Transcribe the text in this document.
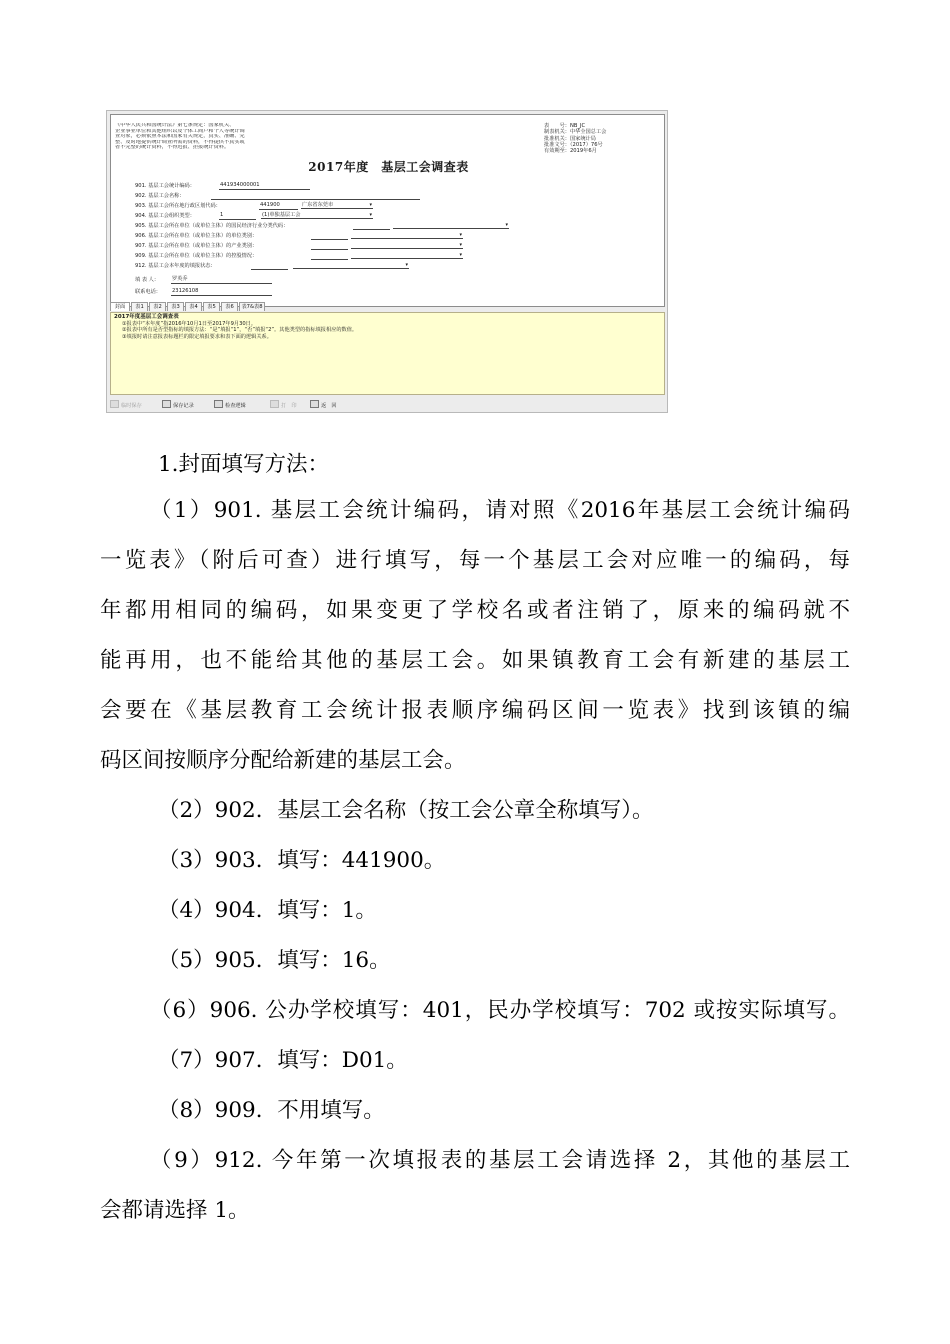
《中华人民共和国统计法》第七条规定：国家机关、
企业事业单位和其他组织以及个体工商户和个人等统计调
查对象，必须依照本法和国家有关规定，真实、准确、完
整、及时地提供统计调查所需的资料，不得提供不真实或
者不完整的统计资料，不得迟报、拒报统计资料。
表　　号：NB_JC
制表机关：中华全国总工会
批准机关：国家统计局
批准文号：（2017）76号
有效期至：2019年6月
2017年度　基层工会调查表
901. 基层工会统计编码：	441934000001
902. 基层工会名称：
903. 基层工会所在地行政区划代码：	441900	广东省东莞市	▾
904. 基层工会组织类型：	1	(1)单独基层工会	▾
905. 基层工会所在单位（或单位主体）的国民经济行业分类代码：	▾
906. 基层工会所在单位（或单位主体）的单位类别：	▾
907. 基层工会所在单位（或单位主体）的产业类别：	▾
909. 基层工会所在单位（或单位主体）的控股情况：	▾
912. 基层工会本年度的填报状态：	▾
填 表 人： 罗英乔
联系电话： 23126108
封面	表1	表2	表3	表4	表5	表6	表7&表8
2017年度基层工会调查表
①报表中“本年度”指2016年10月1日至2017年9月30日。
②报表中所有是否型指标的填报方法：“是”填报“1”，“否”填报“2”。其他类型的指标填报相应的数值。
③填报时请注意报表标题栏的限定填报要求和表下面的逻辑关系。
临时保存	保存记录	检查逻辑	打　印	返　回
1.封面填写方法：
（1）901. 基层工会统计编码，请对照《2016年基层工会统计编码
一览表》（附后可查）进行填写，每一个基层工会对应唯一的编码，每
年都用相同的编码，如果变更了学校名或者注销了，原来的编码就不
能再用，也不能给其他的基层工会。如果镇教育工会有新建的基层工
会要在《基层教育工会统计报表顺序编码区间一览表》找到该镇的编
码区间按顺序分配给新建的基层工会。
（2）902．基层工会名称（按工会公章全称填写）。
（3）903．填写：441900。
（4）904．填写：1。
（5）905．填写：16。
（6）906. 公办学校填写：401，民办学校填写：702 或按实际填写。
（7）907．填写：D01。
（8）909．不用填写。
（9）912. 今年第一次填报表的基层工会请选择 2，其他的基层工
会都请选择 1。
